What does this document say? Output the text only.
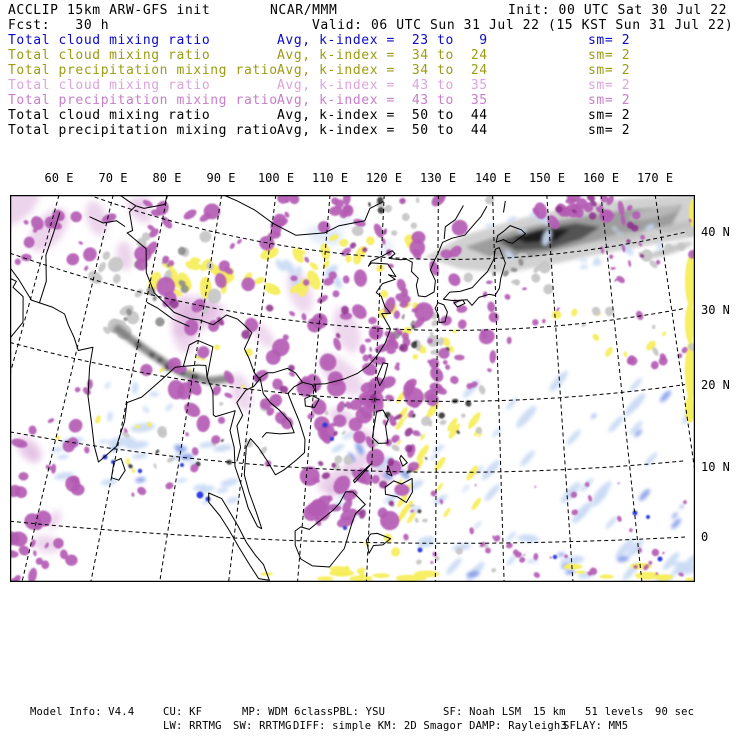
ACCLIP 15km ARW-GFS init	NCAR/MMM	Init: 00 UTC Sat 30 Jul 22
Fcst:   30 h	Valid: 06 UTC Sun 31 Jul 22 (15 KST Sun 31 Jul 22)
Total cloud mixing ratio	Avg, k-index =  23 to   9	sm= 2
Total cloud mixing ratio	Avg, k-index =  34 to  24	sm= 2
Total precipitation mixing ratio Avg, k-index =  34 to  24	sm= 2
Total cloud mixing ratio	Avg, k-index =  43 to  35	sm= 2
Total precipitation mixing ratio Avg, k-index =  43 to  35	sm= 2
Total cloud mixing ratio	Avg, k-index =  50 to  44	sm= 2
Total precipitation mixing ratio Avg, k-index =  50 to  44	sm= 2
60 E 70 E 80 E 90 E 100 E 110 E 120 E 130 E 140 E 150 E 160 E 170 E
40 N
30 N
20 N
10 N
0
Model Info: V4.4	CU: KF	MP: WDM 6class PBL: YSU	SF: Noah LSM 15 km 51 levels 90 sec
LW: RRTMG SW: RRTMG DIFF: simple KM: 2D Smagor DAMP: Rayleigh3
SFLAY: MM5
